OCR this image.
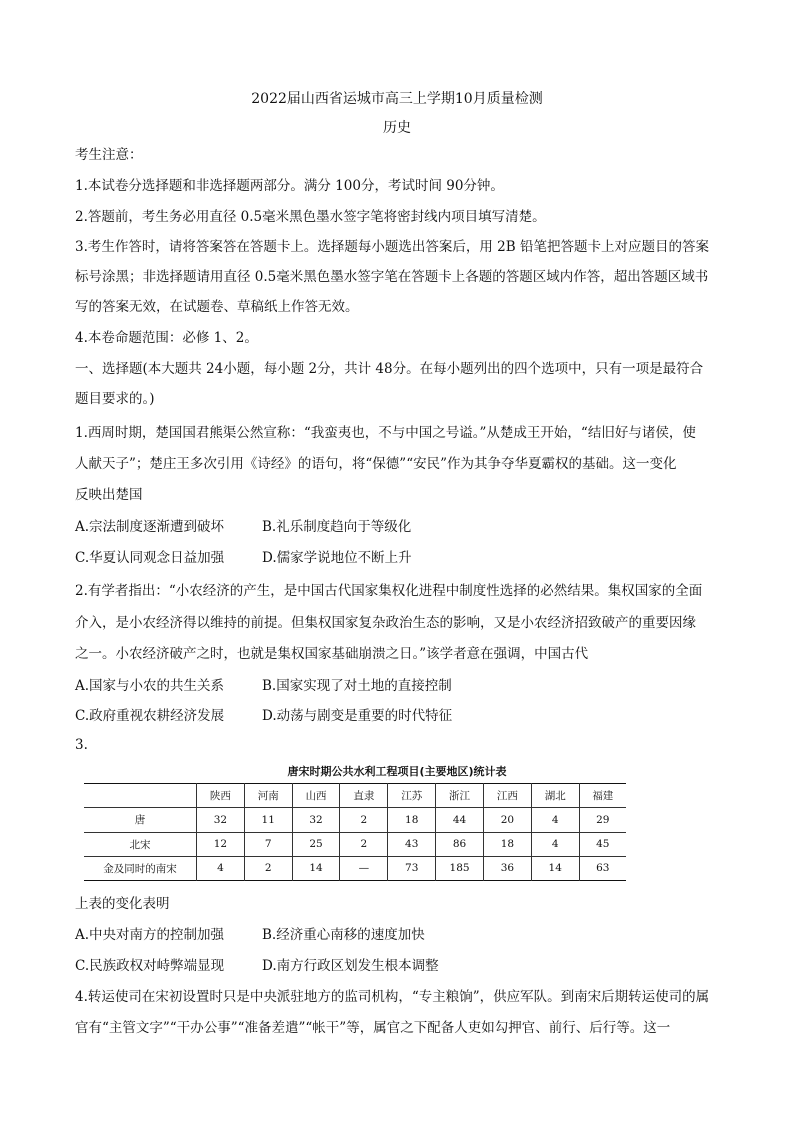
2022届山西省运城市高三上学期10月质量检测
历史
考生注意：
1.本试卷分选择题和非选择题两部分。满分 100分，考试时间 90分钟。
2.答题前，考生务必用直径 0.5毫米黑色墨水签字笔将密封线内项目填写清楚。
3.考生作答时，请将答案答在答题卡上。选择题每小题选出答案后，用 2B 铅笔把答题卡上对应题目的答案
标号涂黑；非选择题请用直径 0.5毫米黑色墨水签字笔在答题卡上各题的答题区域内作答，超出答题区域书
写的答案无效，在试题卷、草稿纸上作答无效。
4.本卷命题范围：必修 1、2。
一、选择题(本大题共 24小题，每小题 2分，共计 48分。在每小题列出的四个选项中，只有一项是最符合
题目要求的。)
1.西周时期，楚国国君熊渠公然宣称：“我蛮夷也，不与中国之号谥。”从楚成王开始，“结旧好与诸侯，使
人献天子”；楚庄王多次引用《诗经》的语句，将“保德”“安民”作为其争夺华夏霸权的基础。这一变化
反映出楚国
A.宗法制度逐渐遭到破坏	B.礼乐制度趋向于等级化
C.华夏认同观念日益加强	D.儒家学说地位不断上升
2.有学者指出：“小农经济的产生，是中国古代国家集权化进程中制度性选择的必然结果。集权国家的全面
介入，是小农经济得以维持的前提。但集权国家复杂政治生态的影响，又是小农经济招致破产的重要因缘
之一。小农经济破产之时，也就是集权国家基础崩溃之日。”该学者意在强调，中国古代
A.国家与小农的共生关系	B.国家实现了对土地的直接控制
C.政府重视农耕经济发展	D.动荡与剧变是重要的时代特征
3.
唐宋时期公共水利工程项目(主要地区)统计表
	陕西	河南	山西	直隶	江苏	浙江	江西	湖北	福建
唐	32	11	32	2	18	44	20	4	29
北宋	12	7	25	2	43	86	18	4	45
金及同时的南宋	4	2	14	—	73	185	36	14	63
上表的变化表明
A.中央对南方的控制加强	B.经济重心南移的速度加快
C.民族政权对峙弊端显现	D.南方行政区划发生根本调整
4.转运使司在宋初设置时只是中央派驻地方的监司机构，“专主粮饷”，供应军队。到南宋后期转运使司的属
官有“主管文字”“干办公事”“准备差遣”“帐干”等，属官之下配备人吏如勾押官、前行、后行等。这一
